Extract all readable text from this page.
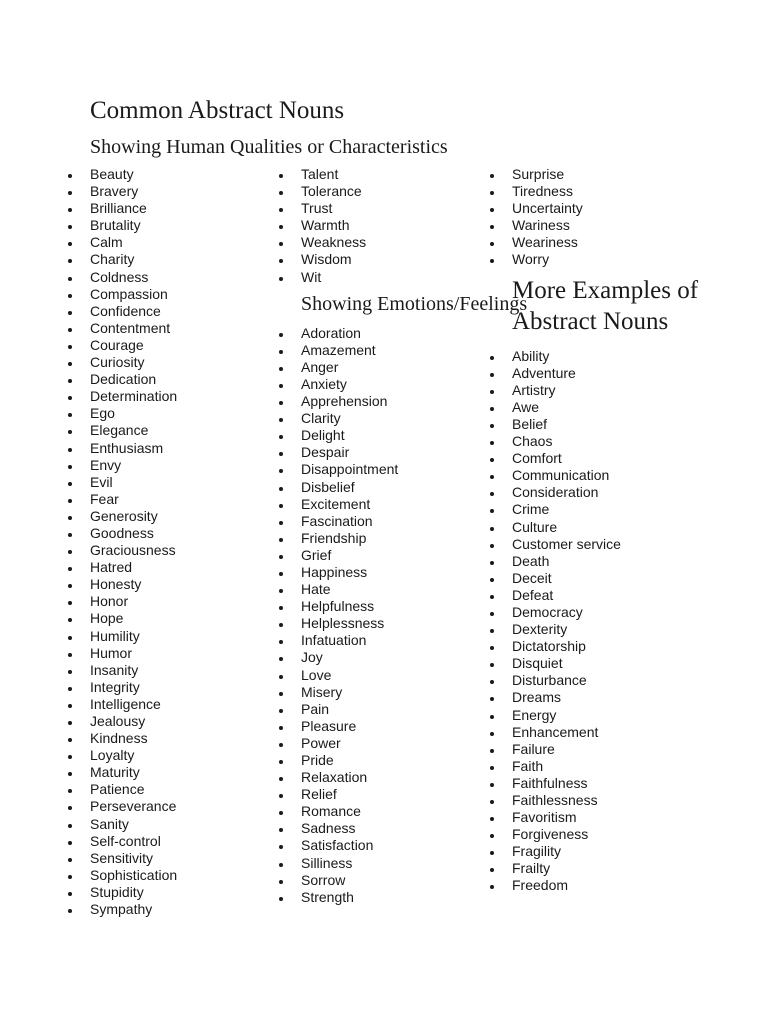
Common Abstract Nouns
Showing Human Qualities or Characteristics
Beauty
Bravery
Brilliance
Brutality
Calm
Charity
Coldness
Compassion
Confidence
Contentment
Courage
Curiosity
Dedication
Determination
Ego
Elegance
Enthusiasm
Envy
Evil
Fear
Generosity
Goodness
Graciousness
Hatred
Honesty
Honor
Hope
Humility
Humor
Insanity
Integrity
Intelligence
Jealousy
Kindness
Loyalty
Maturity
Patience
Perseverance
Sanity
Self-control
Sensitivity
Sophistication
Stupidity
Sympathy
Talent
Tolerance
Trust
Warmth
Weakness
Wisdom
Wit
Showing Emotions/Feelings
Adoration
Amazement
Anger
Anxiety
Apprehension
Clarity
Delight
Despair
Disappointment
Disbelief
Excitement
Fascination
Friendship
Grief
Happiness
Hate
Helpfulness
Helplessness
Infatuation
Joy
Love
Misery
Pain
Pleasure
Power
Pride
Relaxation
Relief
Romance
Sadness
Satisfaction
Silliness
Sorrow
Strength
Surprise
Tiredness
Uncertainty
Wariness
Weariness
Worry
More Examples of Abstract Nouns
Ability
Adventure
Artistry
Awe
Belief
Chaos
Comfort
Communication
Consideration
Crime
Culture
Customer service
Death
Deceit
Defeat
Democracy
Dexterity
Dictatorship
Disquiet
Disturbance
Dreams
Energy
Enhancement
Failure
Faith
Faithfulness
Faithlessness
Favoritism
Forgiveness
Fragility
Frailty
Freedom
